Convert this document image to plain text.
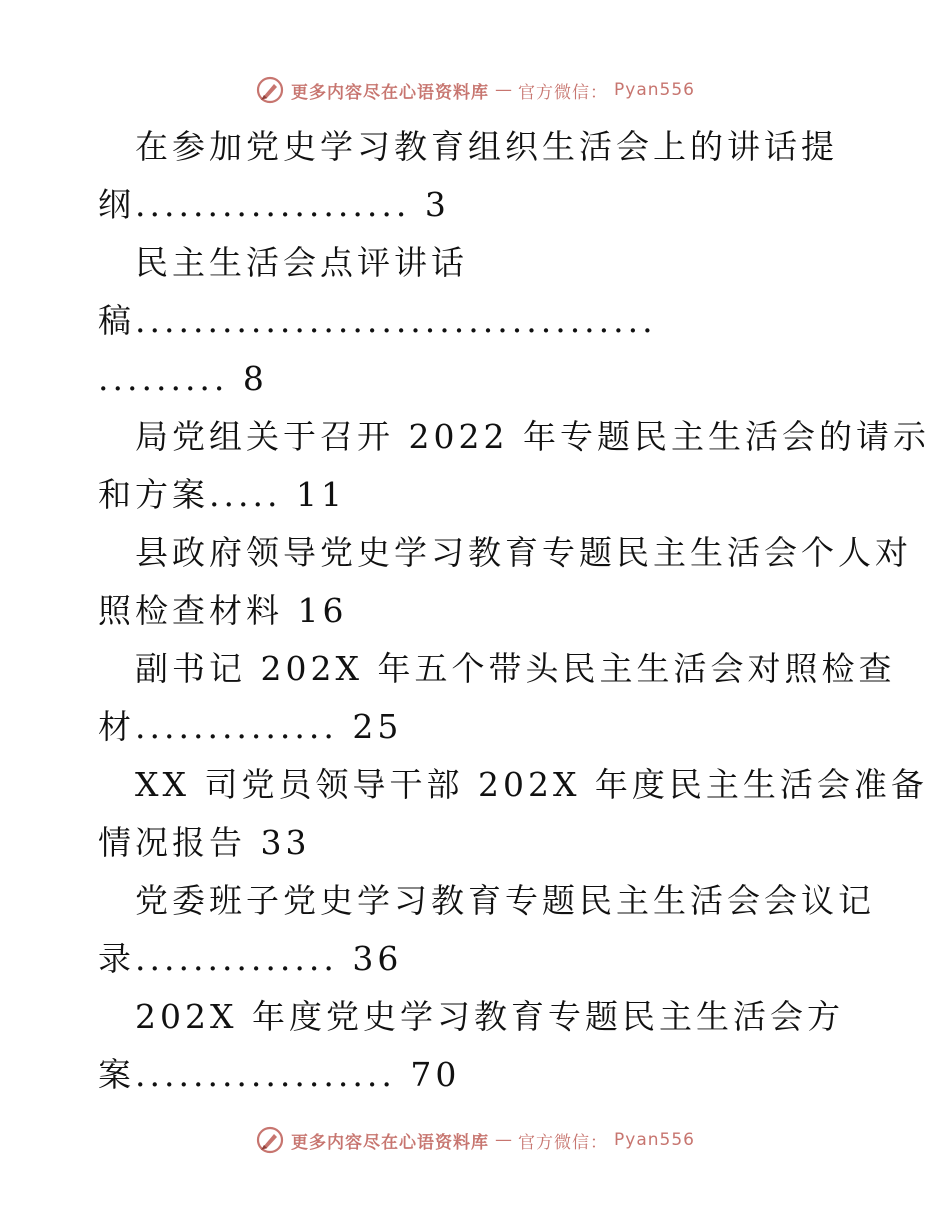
更多内容尽在心语资料库 — 官方微信： Pyan556
在参加党史学习教育组织生活会上的讲话提
纲................... 3
民主生活会点评讲话
稿....................................
......... 8
局党组关于召开 2022 年专题民主生活会的请示
和方案..... 11
县政府领导党史学习教育专题民主生活会个人对
照检查材料 16
副书记 202X 年五个带头民主生活会对照检查
材.............. 25
XX 司党员领导干部 202X 年度民主生活会准备
情况报告 33
党委班子党史学习教育专题民主生活会会议记
录.............. 36
202X 年度党史学习教育专题民主生活会方
案.................. 70
更多内容尽在心语资料库 — 官方微信： Pyan556
